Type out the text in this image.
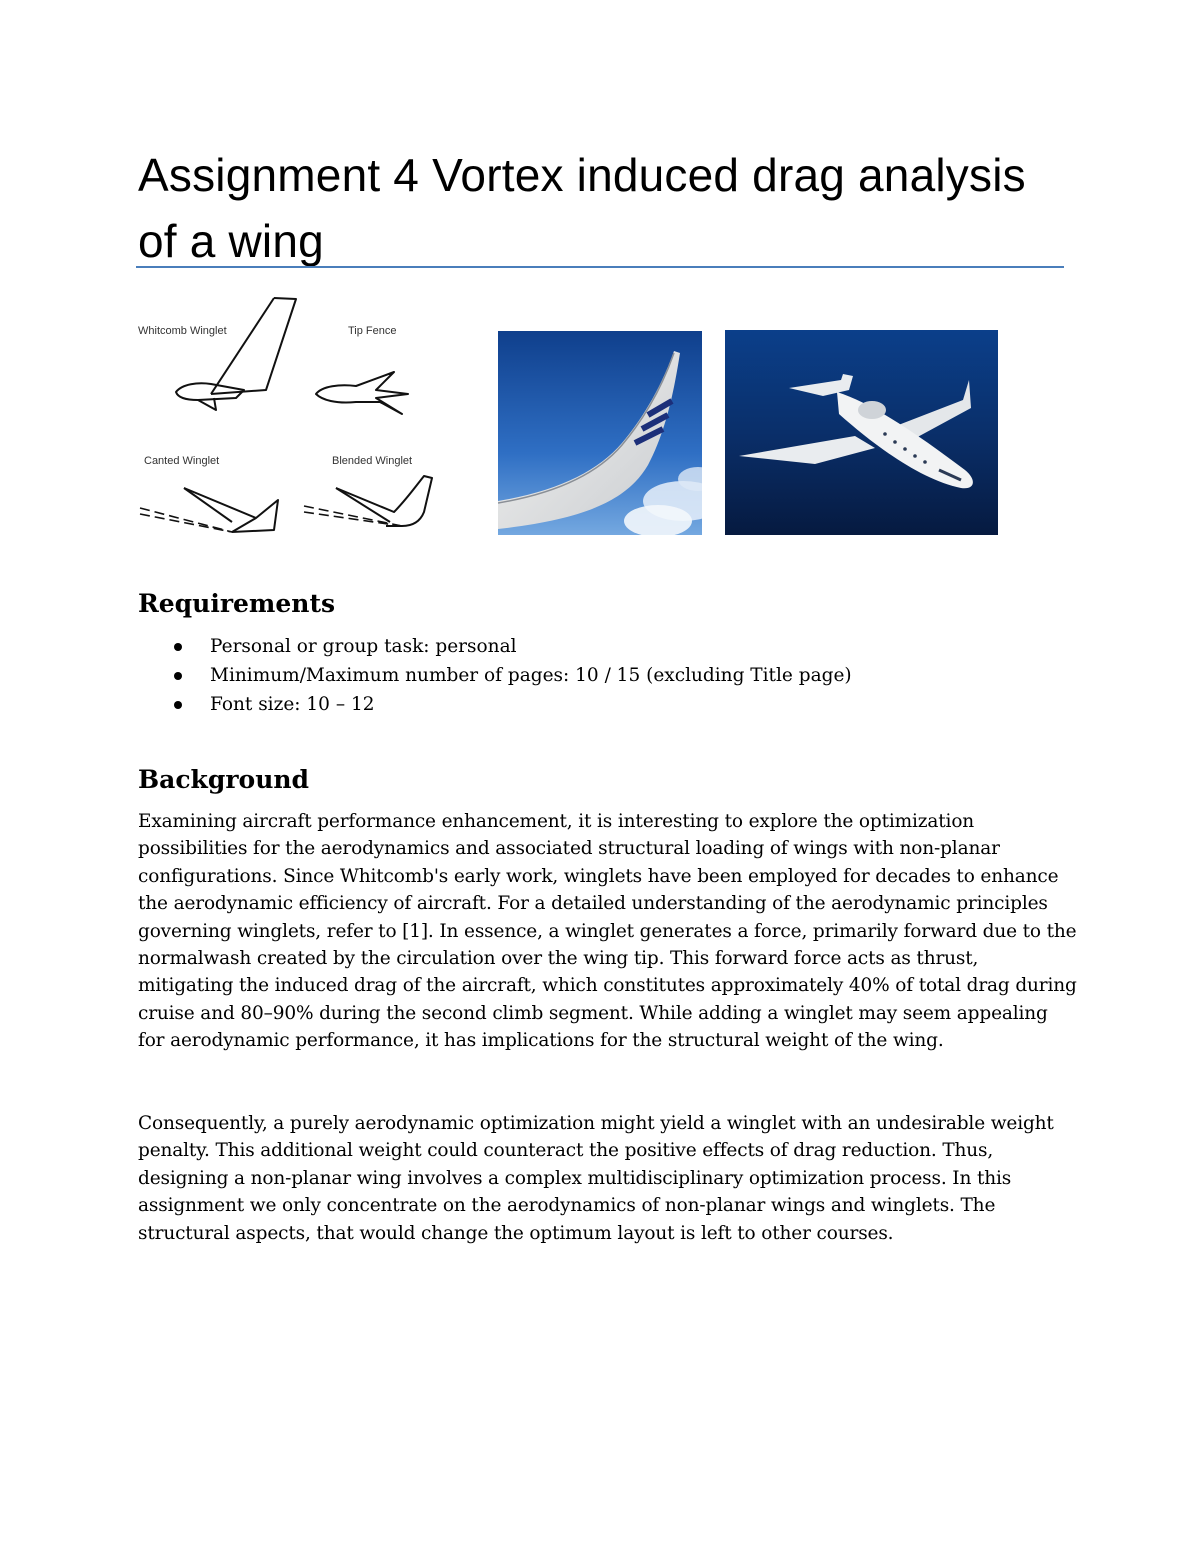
Assignment 4 Vortex induced drag analysis of a wing
Whitcomb Winglet	Tip Fence
Canted Winglet	Blended Winglet
Requirements
Personal or group task: personal
Minimum/Maximum number of pages: 10 / 15 (excluding Title page)
Font size: 10 – 12
Background

Examining aircraft performance enhancement, it is interesting to explore the optimization possibilities for the aerodynamics and associated structural loading of wings with non-planar configurations. Since Whitcomb's early work, winglets have been employed for decades to enhance the aerodynamic efficiency of aircraft. For a detailed understanding of the aerodynamic principles governing winglets, refer to [1]. In essence, a winglet generates a force, primarily forward due to the normalwash created by the circulation over the wing tip. This forward force acts as thrust, mitigating the induced drag of the aircraft, which constitutes approximately 40% of total drag during cruise and 80–90% during the second climb segment. While adding a winglet may seem appealing for aerodynamic performance, it has implications for the structural weight of the wing.

Consequently, a purely aerodynamic optimization might yield a winglet with an undesirable weight penalty. This additional weight could counteract the positive effects of drag reduction. Thus, designing a non-planar wing involves a complex multidisciplinary optimization process. In this assignment we only concentrate on the aerodynamics of non-planar wings and winglets. The structural aspects, that would change the optimum layout is left to other courses.
